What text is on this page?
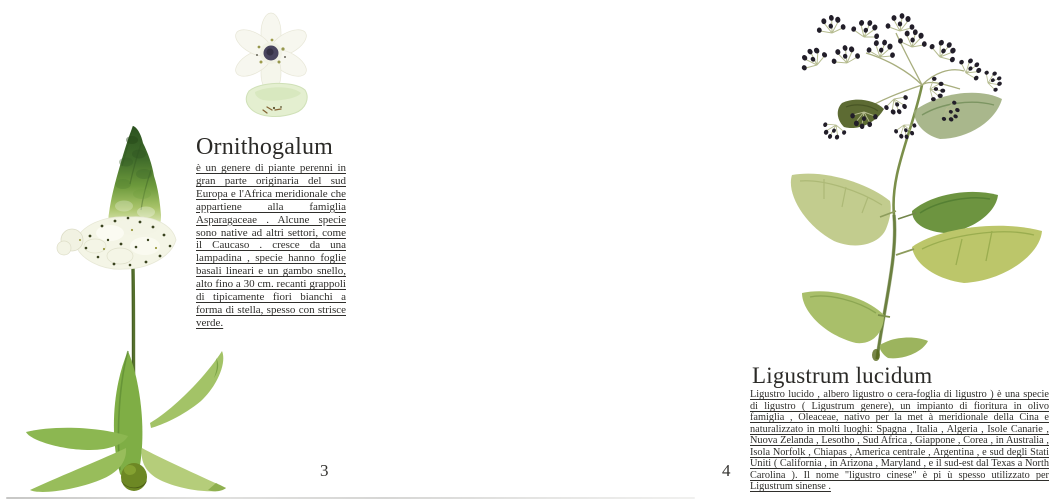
Ornithogalum

è un genere di piante perenni in gran parte originaria del sud Europa e l'Africa meridionale che appartiene alla famiglia Asparagaceae . Alcune specie sono native ad altri settori, come il Caucaso . cresce da una lampadina , specie hanno foglie basali lineari e un gambo snello, alto fino a 30 cm. recanti grappoli di tipicamente fiori bianchi a forma di stella, spesso con strisce verde.

3
Ligustrum lucidum

Ligustro lucido , albero ligustro o cera-foglia di ligustro ) è una specie di ligustro ( Ligustrum genere), un impianto di fioritura in olivo famiglia , Oleaceae, nativo per la met à meridionale della Cina e naturalizzato in molti luoghi: Spagna , Italia , Algeria , Isole Canarie , Nuova Zelanda , Lesotho , Sud Africa , Giappone , Corea , in Australia , Isola Norfolk , Chiapas , America centrale , Argentina , e sud degli Stati Uniti ( California , in Arizona , Maryland , e il sud-est dal Texas a North Carolina ). Il nome "ligustro cinese" è pi ù spesso utilizzato per Ligustrum sinense .

4
